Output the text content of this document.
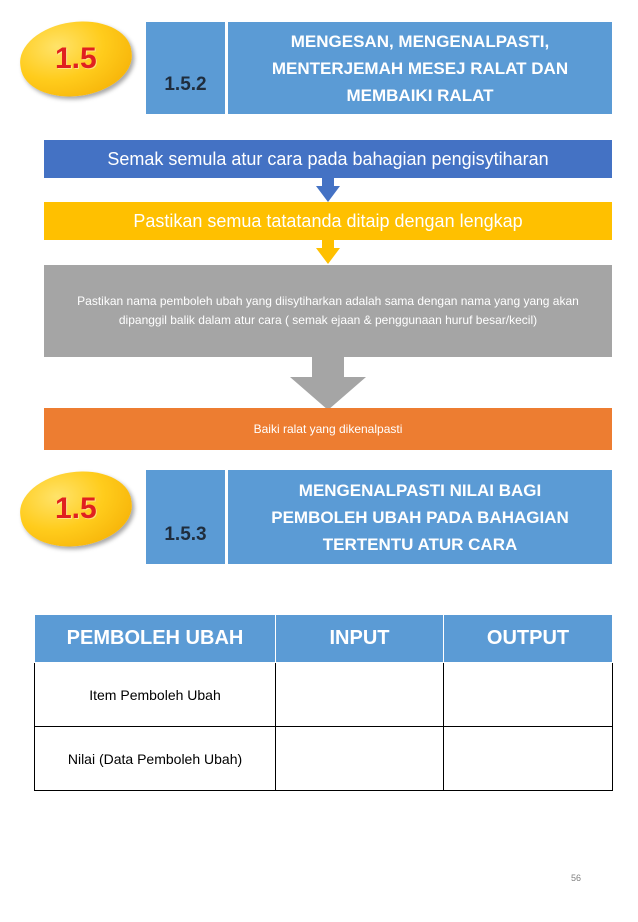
1.5
1.5.2
MENGESAN, MENGENALPASTI,
MENTERJEMAH MESEJ RALAT DAN
MEMBAIKI RALAT
Semak semula atur cara pada bahagian pengisytiharan
Pastikan semua tatatanda ditaip dengan lengkap
Pastikan nama pemboleh ubah yang diisytiharkan adalah sama dengan nama yang yang akan dipanggil balik dalam atur cara ( semak ejaan & penggunaan huruf besar/kecil)
Baiki ralat yang dikenalpasti
1.5
1.5.3
MENGENALPASTI NILAI BAGI
PEMBOLEH UBAH PADA BAHAGIAN
TERTENTU ATUR CARA
PEMBOLEH UBAH	INPUT	OUTPUT
Item Pemboleh Ubah		
Nilai (Data Pemboleh Ubah)		
56
